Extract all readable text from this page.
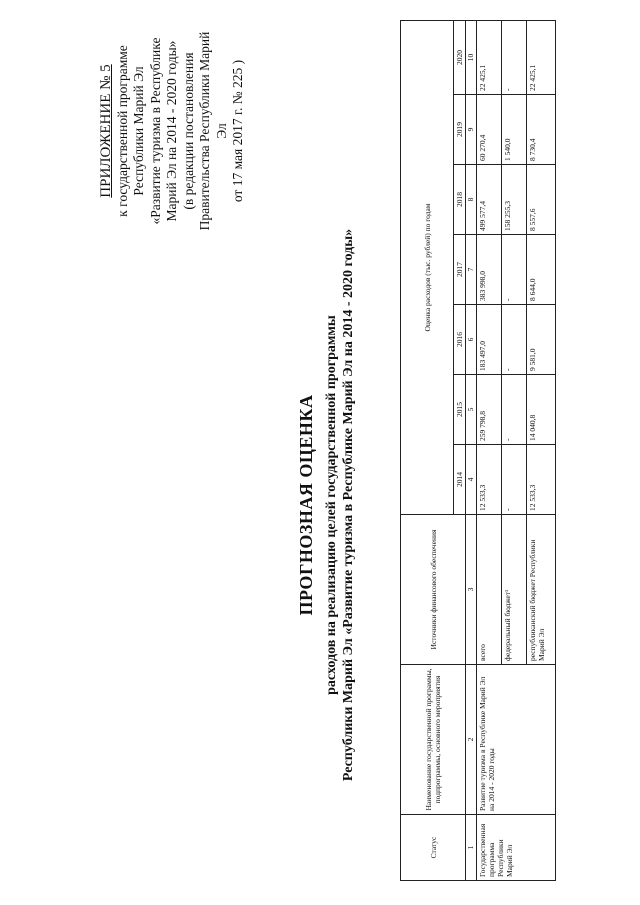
ПРИЛОЖЕНИЕ № 5 к государственной программе Республики Марий Эл «Развитие туризма в Республике Марий Эл на 2014 - 2020 годы» (в редакции постановления Правительства Республики Марий Эл от 17 мая 2017 г. № 225 )
ПРОГНОЗНАЯ ОЦЕНКА расходов на реализацию целей государственной программы Республики Марий Эл «Развитие туризма в Республике Марий Эл на 2014 - 2020 годы»
Статус	Наименование государственной программы, подпрограммы, основного мероприятия	Источники финансового обеспечения	Оценка расходов (тыс. рублей) по годам						
			2014	2015	2016	2017	2018	2019	2020
1	2	3	4	5	6	7	8	9	10
Государственная программа Республики Марий Эл	Развитие туризма в Республике Марий Эл на 2014 - 2020 годы	всего	12 533,3	259 798,8	183 497,0	383 998,0	499 577,4	60 270,4	22 425,1
		федеральный бюджет¹	-	-	-	-	158 255,3	1 540,0	-
		республиканский бюджет Республики Марий Эл	12 533,3	14 040,8	9 581,0	8 644,0	8 557,6	8 730,4	22 425,1
